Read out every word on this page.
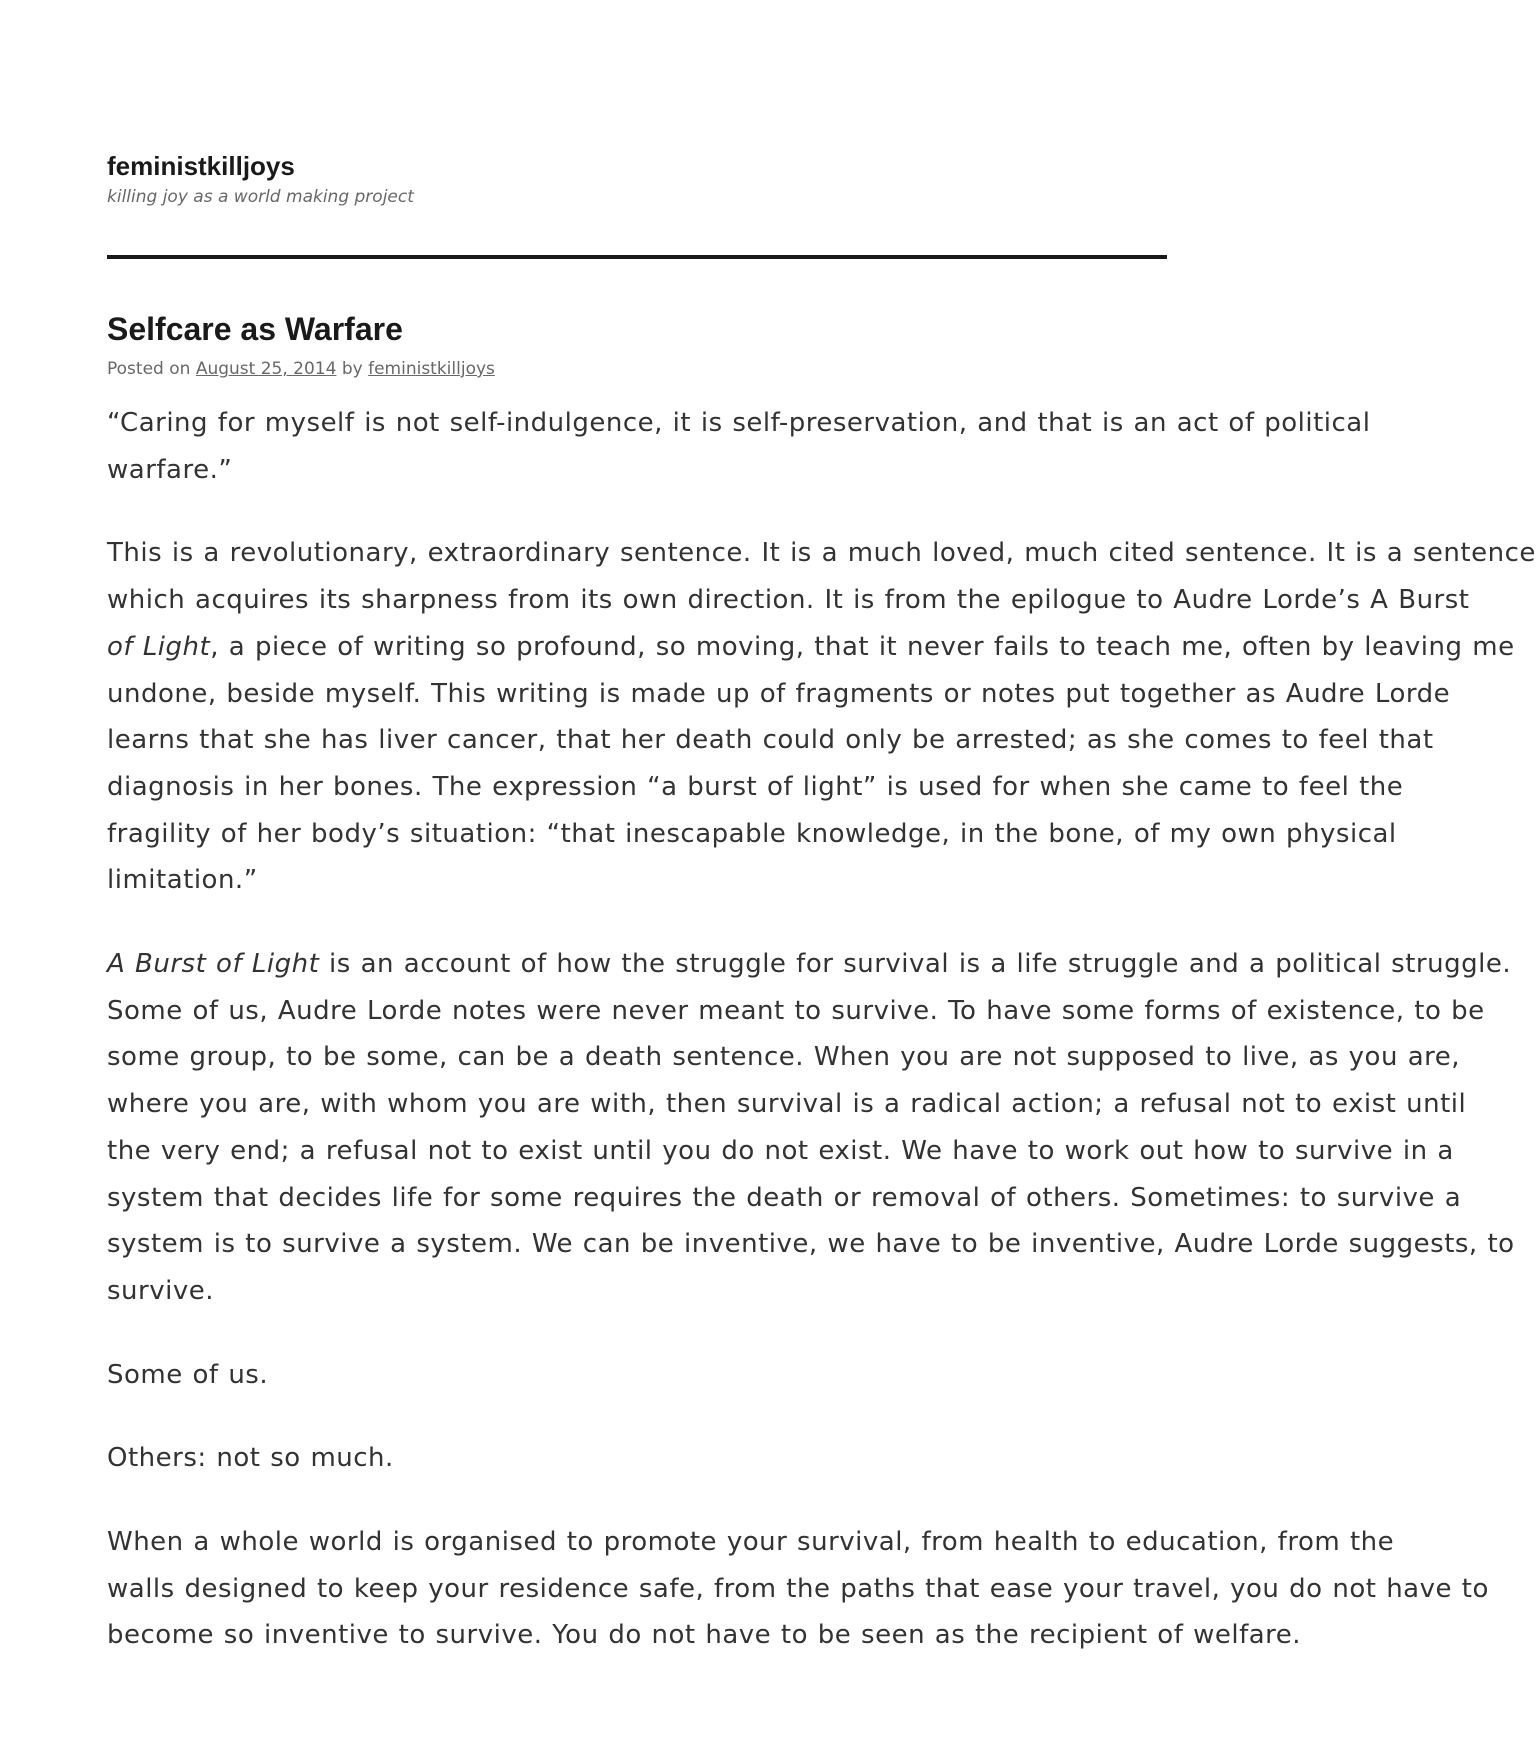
feministkilljoys
killing joy as a world making project
Selfcare as Warfare
Posted on August 25, 2014 by feministkilljoys

“Caring for myself is not self-indulgence, it is self-preservation, and that is an act of political
warfare.”

This is a revolutionary, extraordinary sentence. It is a much loved, much cited sentence. It is a sentence
which acquires its sharpness from its own direction. It is from the epilogue to Audre Lorde’s A Burst
of Light, a piece of writing so profound, so moving, that it never fails to teach me, often by leaving me
undone, beside myself. This writing is made up of fragments or notes put together as Audre Lorde
learns that she has liver cancer, that her death could only be arrested; as she comes to feel that
diagnosis in her bones. The expression “a burst of light” is used for when she came to feel the
fragility of her body’s situation: “that inescapable knowledge, in the bone, of my own physical
limitation.”

A Burst of Light is an account of how the struggle for survival is a life struggle and a political struggle.
Some of us, Audre Lorde notes were never meant to survive. To have some forms of existence, to be
some group, to be some, can be a death sentence. When you are not supposed to live, as you are,
where you are, with whom you are with, then survival is a radical action; a refusal not to exist until
the very end; a refusal not to exist until you do not exist. We have to work out how to survive in a
system that decides life for some requires the death or removal of others. Sometimes: to survive a
system is to survive a system. We can be inventive, we have to be inventive, Audre Lorde suggests, to
survive.

Some of us.

Others: not so much.

When a whole world is organised to promote your survival, from health to education, from the
walls designed to keep your residence safe, from the paths that ease your travel, you do not have to
become so inventive to survive. You do not have to be seen as the recipient of welfare.
